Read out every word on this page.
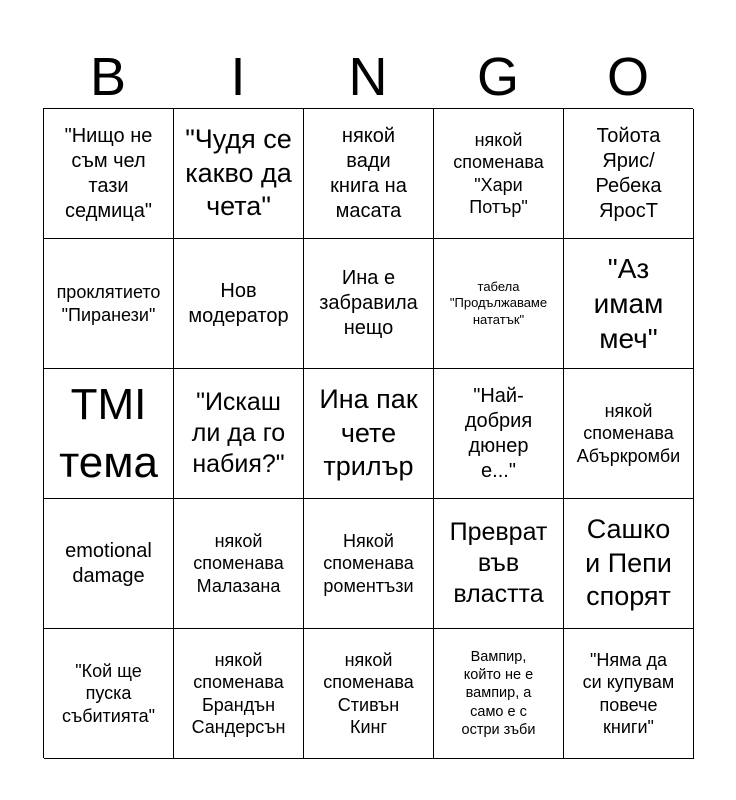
B	I	N	G	O
"Нищо не
съм чел
тази
седмица"
"Чудя се
какво да
чета"
някой
вади
книга на
масата
някой
споменава
"Хари
Потър"
Тойота
Ярис/
Ребека
ЯросТ
проклятието
"Пиранези"
Нов
модератор
Ина е
забравила
нещо
табела
"Продължаваме
нататък"
"Аз
имам
меч"
TMI
тема
"Искаш
ли да го
набия?"
Ина пак
чете
трилър
"Най-
добрия
дюнер
е..."
някой
споменава
Абъркромби
emotional
damage
някой
споменава
Малазана
Някой
споменава
роментъзи
Преврат
във
властта
Сашко
и Пепи
спорят
"Кой ще
пуска
събитията"
някой
споменава
Брандън
Сандерсън
някой
споменава
Стивън
Кинг
Вампир,
който не е
вампир, а
само е с
остри зъби
"Няма да
си купувам
повече
книги"
